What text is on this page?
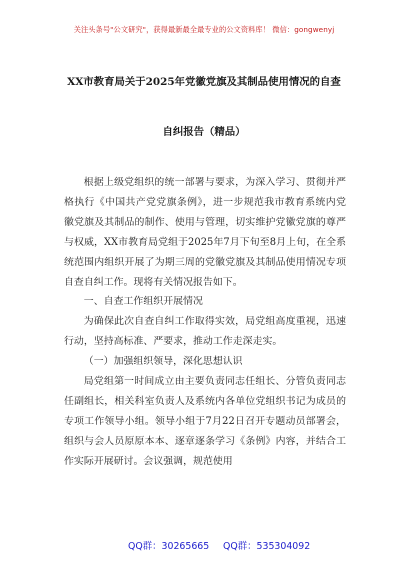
关注头条号"公文研究"，获得最新最全最专业的公文资料库！ 微信：gongwenyj
XX市教育局关于2025年党徽党旗及其制品使用情况的自查
自纠报告（精品）

根据上级党组织的统一部署与要求，为深入学习、贯彻并严格执行《中国共产党党旗条例》，进一步规范我市教育系统内党徽党旗及其制品的制作、使用与管理，切实维护党徽党旗的尊严与权威，XX市教育局党组于2025年7月下旬至8月上旬，在全系统范围内组织开展了为期三周的党徽党旗及其制品使用情况专项自查自纠工作。现将有关情况报告如下。

一、自查工作组织开展情况

为确保此次自查自纠工作取得实效，局党组高度重视，迅速行动，坚持高标准、严要求，推动工作走深走实。

（一）加强组织领导，深化思想认识

局党组第一时间成立由主要负责同志任组长、分管负责同志任副组长，相关科室负责人及系统内各单位党组织书记为成员的专项工作领导小组。领导小组于7月22日召开专题动员部署会，组织与会人员原原本本、逐章逐条学习《条例》内容，并结合工作实际开展研讨。会议强调，规范使用

QQ群：30265665 QQ群：535304092
